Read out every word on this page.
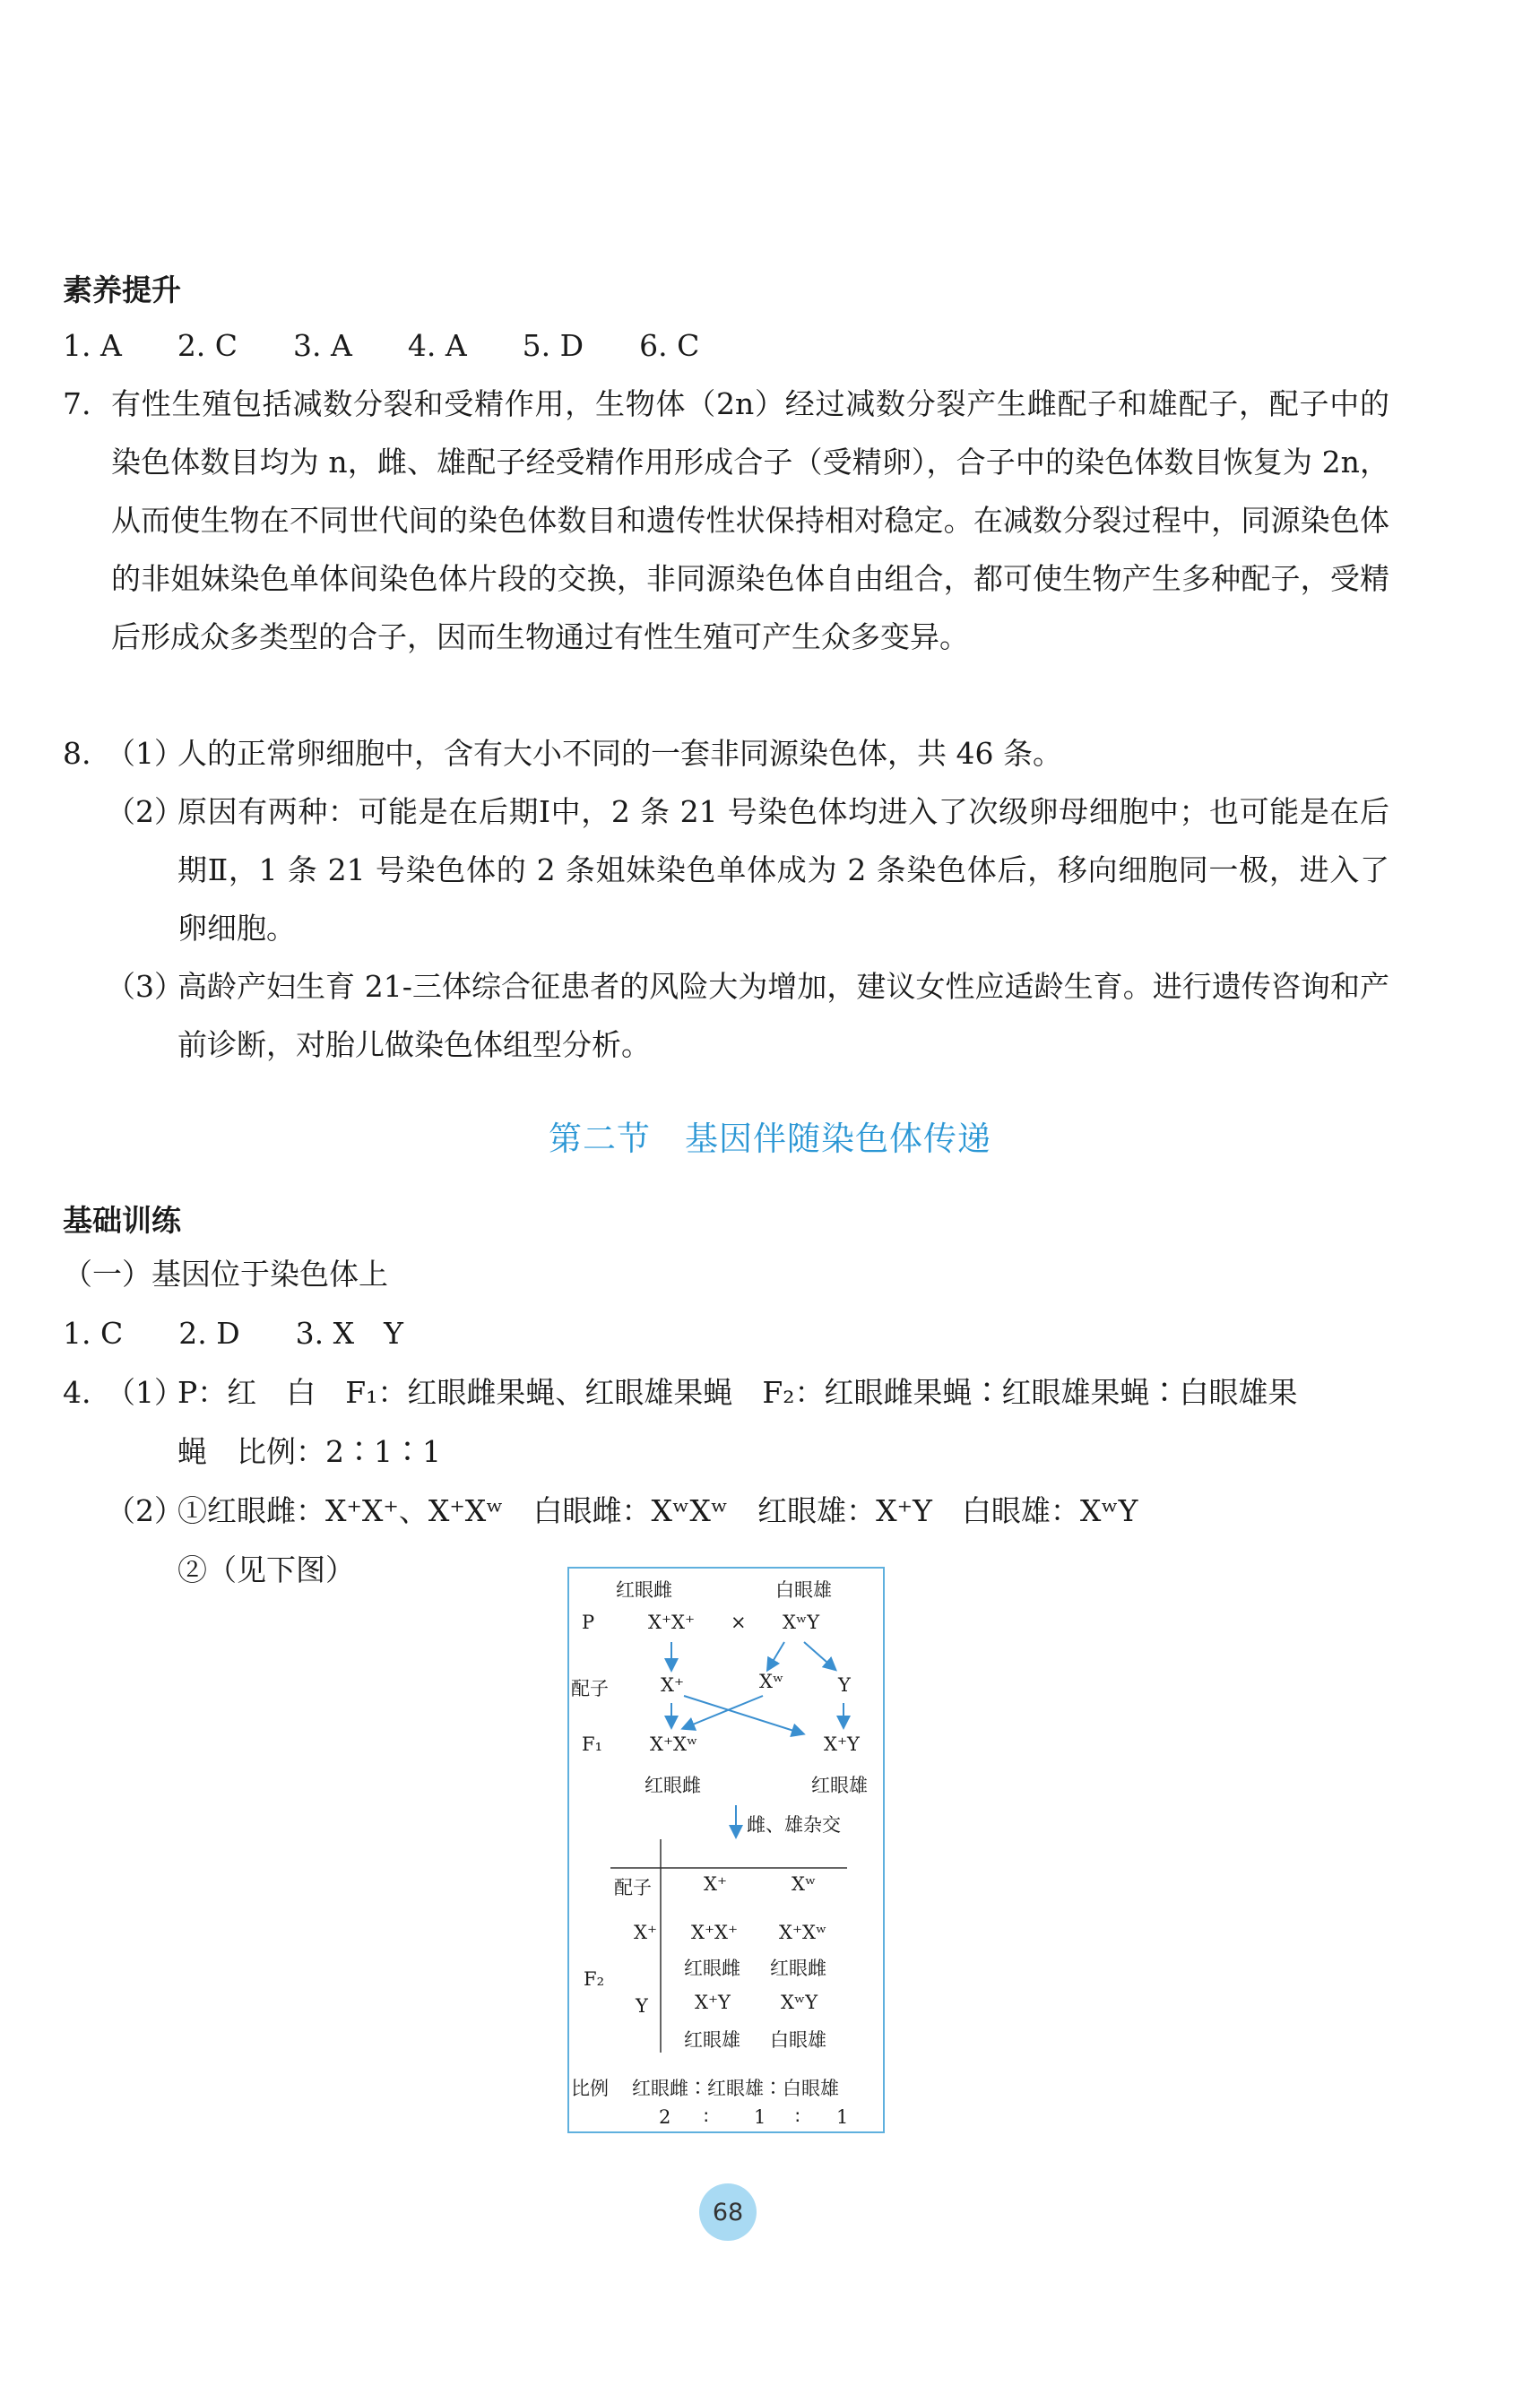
素养提升
1. A 2. C 3. A 4. A 5. D 6. C
7. 有性生殖包括减数分裂和受精作用，生物体（2n）经过减数分裂产生雌配子和雄配子，配子中的染色体数目均为 n，雌、雄配子经受精作用形成合子（受精卵），合子中的染色体数目恢复为 2n，从而使生物在不同世代间的染色体数目和遗传性状保持相对稳定。在减数分裂过程中，同源染色体的非姐妹染色单体间染色体片段的交换，非同源染色体自由组合，都可使生物产生多种配子，受精后形成众多类型的合子，因而生物通过有性生殖可产生众多变异。
8. （1）
人的正常卵细胞中，含有大小不同的一套非同源染色体，共 46 条。
（2）
原因有两种：可能是在后期Ⅰ中，2 条 21 号染色体均进入了次级卵母细胞中；也可能是在后期Ⅱ，1 条 21 号染色体的 2 条姐妹染色单体成为 2 条染色体后，移向细胞同一极，进入了卵细胞。
（3）
高龄产妇生育 21-三体综合征患者的风险大为增加，建议女性应适龄生育。进行遗传咨询和产前诊断，对胎儿做染色体组型分析。
第二节　基因伴随染色体传递
基础训练
（一）基因位于染色体上
1. C 2. D 3. X　Y
4. （1）
P：红　白　F₁：红眼雌果蝇、红眼雄果蝇　F₂：红眼雌果蝇∶红眼雄果蝇∶白眼雄果
蝇　比例：2∶1∶1
（2）
①红眼雌：X⁺X⁺、X⁺Xʷ　白眼雌：XʷXʷ　红眼雄：X⁺Y　白眼雄：XʷY
②（见下图）
红眼雌	白眼雄
P	X⁺X⁺ × XʷY
配子	X⁺	Xʷ	Y
F₁	X⁺Xʷ	X⁺Y
红眼雌	红眼雄
雌、雄杂交
配子	X⁺	Xʷ
F₂
X⁺ X⁺X⁺ X⁺Xʷ
红眼雌 红眼雌
Y X⁺Y	XʷY
红眼雄 白眼雄
比例 红眼雌∶红眼雄∶白眼雄
2 ∶ 1 ∶ 1
68
